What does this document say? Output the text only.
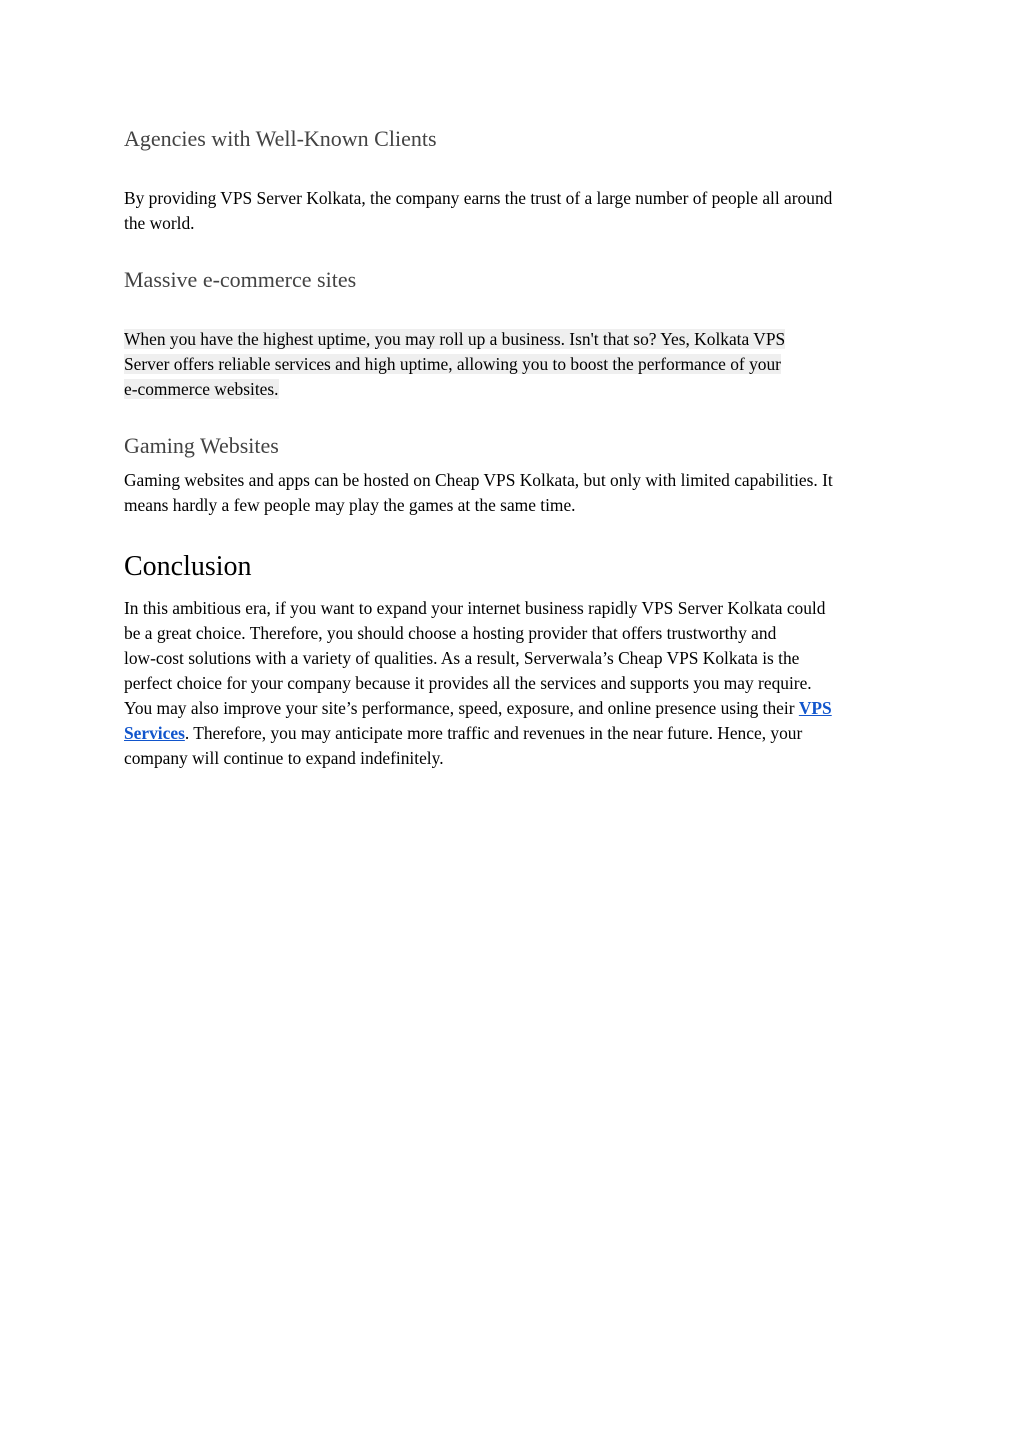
Agencies with Well-Known Clients

By providing VPS Server Kolkata, the company earns the trust of a large number of people all around
the world.

Massive e-commerce sites

When you have the highest uptime, you may roll up a business. Isn't that so? Yes, Kolkata VPS
Server offers reliable services and high uptime, allowing you to boost the performance of your
e-commerce websites.

Gaming Websites

Gaming websites and apps can be hosted on Cheap VPS Kolkata, but only with limited capabilities. It
means hardly a few people may play the games at the same time.

Conclusion

In this ambitious era, if you want to expand your internet business rapidly VPS Server Kolkata could
be a great choice. Therefore, you should choose a hosting provider that offers trustworthy and
low-cost solutions with a variety of qualities. As a result, Serverwala’s Cheap VPS Kolkata is the
perfect choice for your company because it provides all the services and supports you may require.
You may also improve your site’s performance, speed, exposure, and online presence using their VPS
Services. Therefore, you may anticipate more traffic and revenues in the near future. Hence, your
company will continue to expand indefinitely.
